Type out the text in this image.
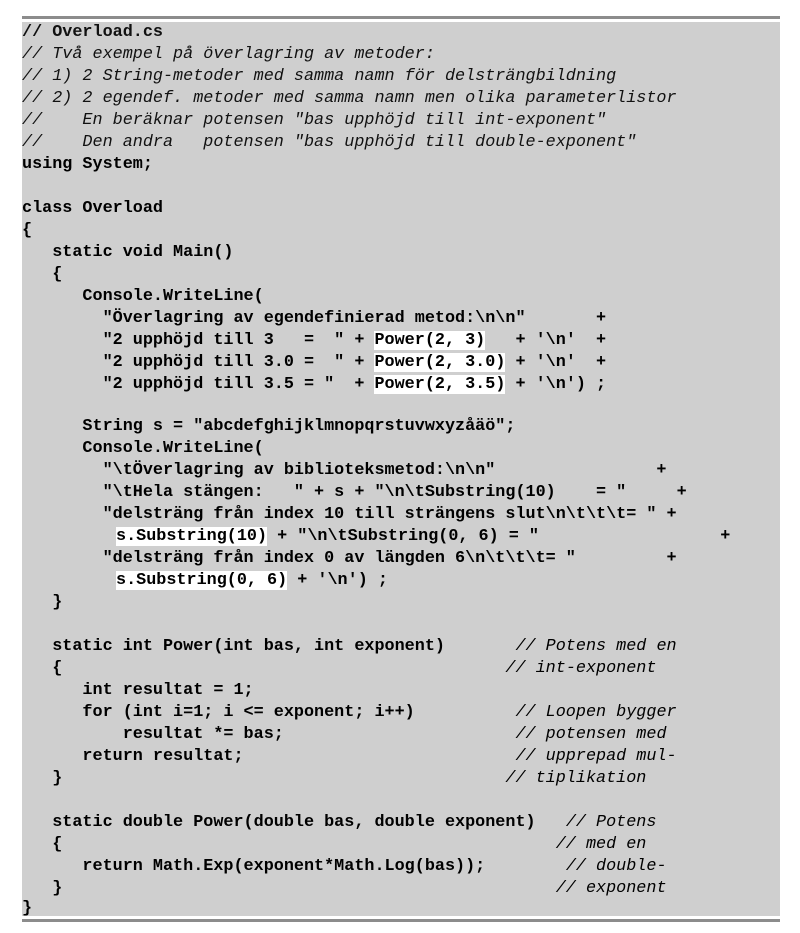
// Overload.cs
// Två exempel på överlagring av metoder:
// 1) 2 String-metoder med samma namn för delsträngbildning
// 2) 2 egendef. metoder med samma namn men olika parameterlistor
//    En beräknar potensen "bas upphöjd till int-exponent"
//    Den andra   potensen "bas upphöjd till double-exponent"
using System;
class Overload
{
static void Main()
{
Console.WriteLine(
"Överlagring av egendefinierad metod:\n\n"       +
"2 upphöjd till 3   =  " + Power(2, 3)   + '\n'  +
"2 upphöjd till 3.0 =  " + Power(2, 3.0) + '\n'  +
"2 upphöjd till 3.5 = "  + Power(2, 3.5) + '\n') ;
String s = "abcdefghijklmnopqrstuvwxyzåäö";
Console.WriteLine(
"\tÖverlagring av biblioteksmetod:\n\n"                +
"\tHela stängen:   " + s + "\n\tSubstring(10)    = "     +
"delsträng från index 10 till strängens slut\n\t\t\t= " +
s.Substring(10) + "\n\tSubstring(0, 6) = "                  +
"delsträng från index 0 av längden 6\n\t\t\t= "         +
s.Substring(0, 6) + '\n') ;
}
static int Power(int bas, int exponent)       // Potens med en
{                                            // int-exponent
int resultat = 1;
for (int i=1; i <= exponent; i++)          // Loopen bygger
resultat *= bas;                       // potensen med
return resultat;                           // upprepad mul-
}                                            // tiplikation
static double Power(double bas, double exponent)   // Potens
{                                                 // med en
return Math.Exp(exponent*Math.Log(bas));        // double-
}                                                 // exponent
}
